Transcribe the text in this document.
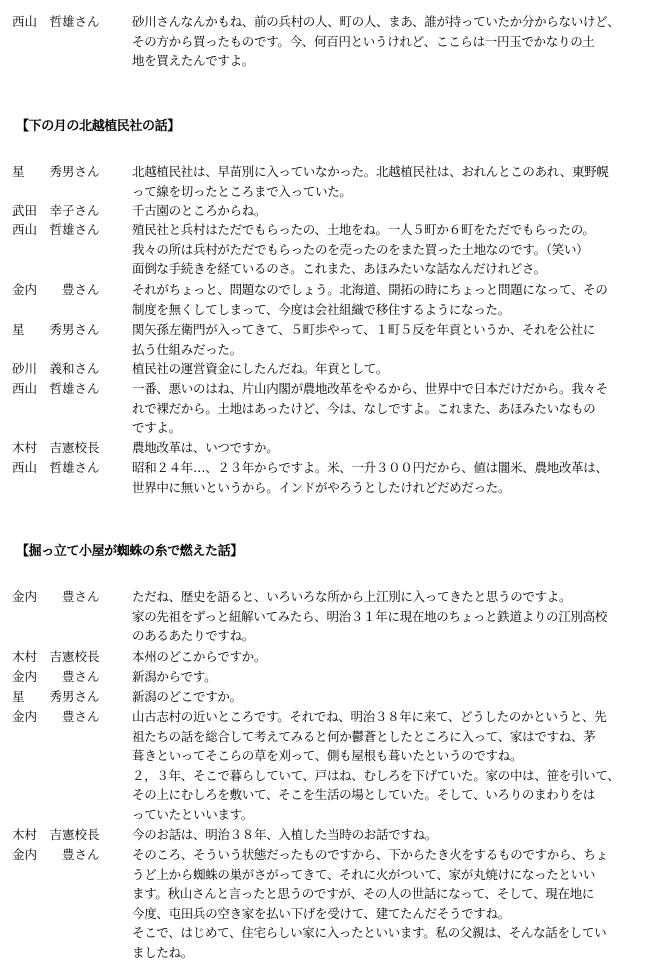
西山　哲雄さん	砂川さんなんかもね、前の兵村の人、町の人、まあ、誰が持っていたか分からないけど、
その方から買ったものです。今、何百円というけれど、ここらは一円玉でかなりの土
地を買えたんですよ。
【下の月の北越植民社の話】
星　　秀男さん	北越植民社は、早苗別に入っていなかった。北越植民社は、おれんとこのあれ、東野幌
って線を切ったところまで入っていた。
武田　幸子さん	千古園のところからね。
西山　哲雄さん	殖民社と兵村はただでもらったの、土地をね。一人５町か６町をただでもらったの。
我々の所は兵村がただでもらったのを売ったのをまた買った土地なのです。（笑い）
面倒な手続きを経ているのさ。これまた、あほみたいな話なんだけれどさ。
金内　　豊さん	それがちょっと、問題なのでしょう。北海道、開拓の時にちょっと問題になって、その
制度を無くしてしまって、今度は会社組織で移住するようになった。
星　　秀男さん	関矢孫左衛門が入ってきて、５町歩やって、１町５反を年貢というか、それを公社に
払う仕組みだった。
砂川　義和さん	植民社の運営資金にしたんだね。年貢として。
西山　哲雄さん	一番、悪いのはね、片山内閣が農地改革をやるから、世界中で日本だけだから。我々そ
れで裸だから。土地はあったけど、今は、なしですよ。これまた、あほみたいなもの
ですよ。
木村　吉憲校長	農地改革は、いつですか。
西山　哲雄さん	昭和２４年…、２３年からですよ。米、一升３００円だから、値は闇米、農地改革は、
世界中に無いというから。インドがやろうとしたけれどだめだった。
【掘っ立て小屋が蜘蛛の糸で燃えた話】
金内　　豊さん	ただね、歴史を語ると、いろいろな所から上江別に入ってきたと思うのですよ。
家の先祖をずっと紐解いてみたら、明治３１年に現在地のちょっと鉄道よりの江別高校
のあるあたりですね。
木村　吉憲校長	本州のどこからですか。
金内　　豊さん	新潟からです。
星　　秀男さん	新潟のどこですか。
金内　　豊さん	山古志村の近いところです。それでね、明治３８年に来て、どうしたのかというと、先
祖たちの話を総合して考えてみると何か鬱蒼としたところに入って、家はですね、茅
葺きといってそこらの草を刈って、側も屋根も葺いたというのですね。
２，３年、そこで暮らしていて、戸はね、むしろを下げていた。家の中は、笹を引いて、
その上にむしろを敷いて、そこを生活の場としていた。そして、いろりのまわりをは
っていたといいます。
木村　吉憲校長	今のお話は、明治３８年、入植した当時のお話ですね。
金内　　豊さん	そのころ、そういう状態だったものですから、下からたき火をするものですから、ちょ
うど上から蜘蛛の巣がさがってきて、それに火がついて、家が丸焼けになったといい
ます。秋山さんと言ったと思うのですが、その人の世話になって、そして、現在地に
今度、屯田兵の空き家を払い下げを受けて、建てたんだそうですね。
そこで、はじめて、住宅らしい家に入ったといいます。私の父親は、そんな話をしてい
ましたね。
